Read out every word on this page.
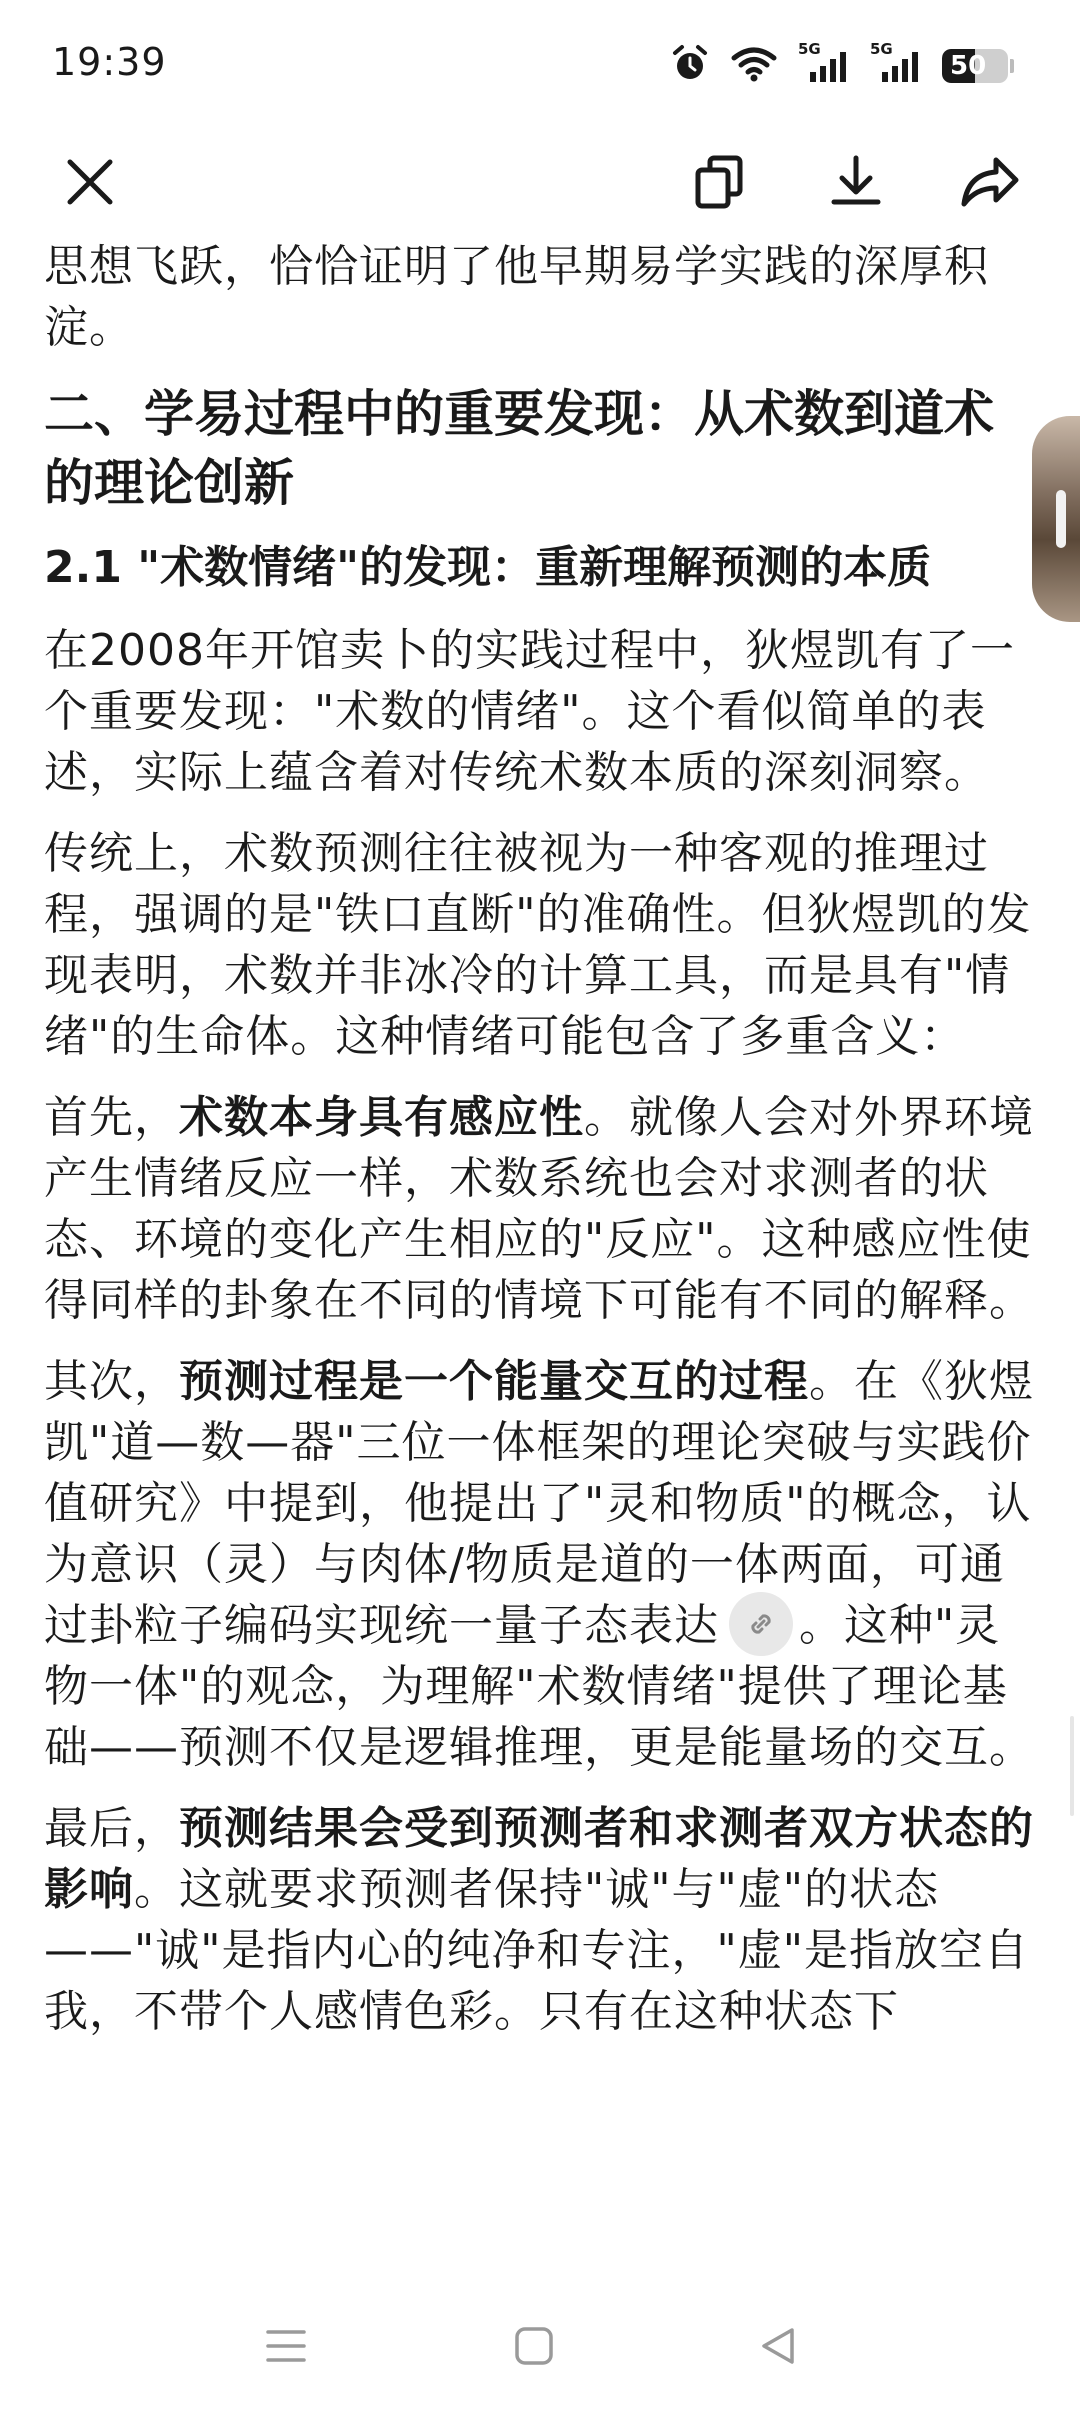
19:39	5G	5G
50

思想飞跃，恰恰证明了他早期易学实践的深厚积淀。

二、学易过程中的重要发现：从术数到道术的理论创新
2.1 "术数情绪"的发现：重新理解预测的本质

在2008年开馆卖卜的实践过程中，狄煜凯有了一个重要发现："术数的情绪"。这个看似简单的表述，实际上蕴含着对传统术数本质的深刻洞察。

传统上，术数预测往往被视为一种客观的推理过程，强调的是"铁口直断"的准确性。但狄煜凯的发现表明，术数并非冰冷的计算工具，而是具有"情绪"的生命体。这种情绪可能包含了多重含义：

首先，术数本身具有感应性。就像人会对外界环境产生情绪反应一样，术数系统也会对求测者的状态、环境的变化产生相应的"反应"。这种感应性使得同样的卦象在不同的情境下可能有不同的解释。

其次，预测过程是一个能量交互的过程。在《狄煜凯"道—数—器"三位一体框架的理论突破与实践价值研究》中提到，他提出了"灵和物质"的概念，认为意识（灵）与肉体/物质是道的一体两面，可通过卦粒子编码实现统一量子态表达 。这种"灵物一体"的观念，为理解"术数情绪"提供了理论基础——预测不仅是逻辑推理，更是能量场的交互。

最后，预测结果会受到预测者和求测者双方状态的影响。这就要求预测者保持"诚"与"虚"的状态——"诚"是指内心的纯净和专注，"虚"是指放空自我，不带个人感情色彩。只有在这种状态下
